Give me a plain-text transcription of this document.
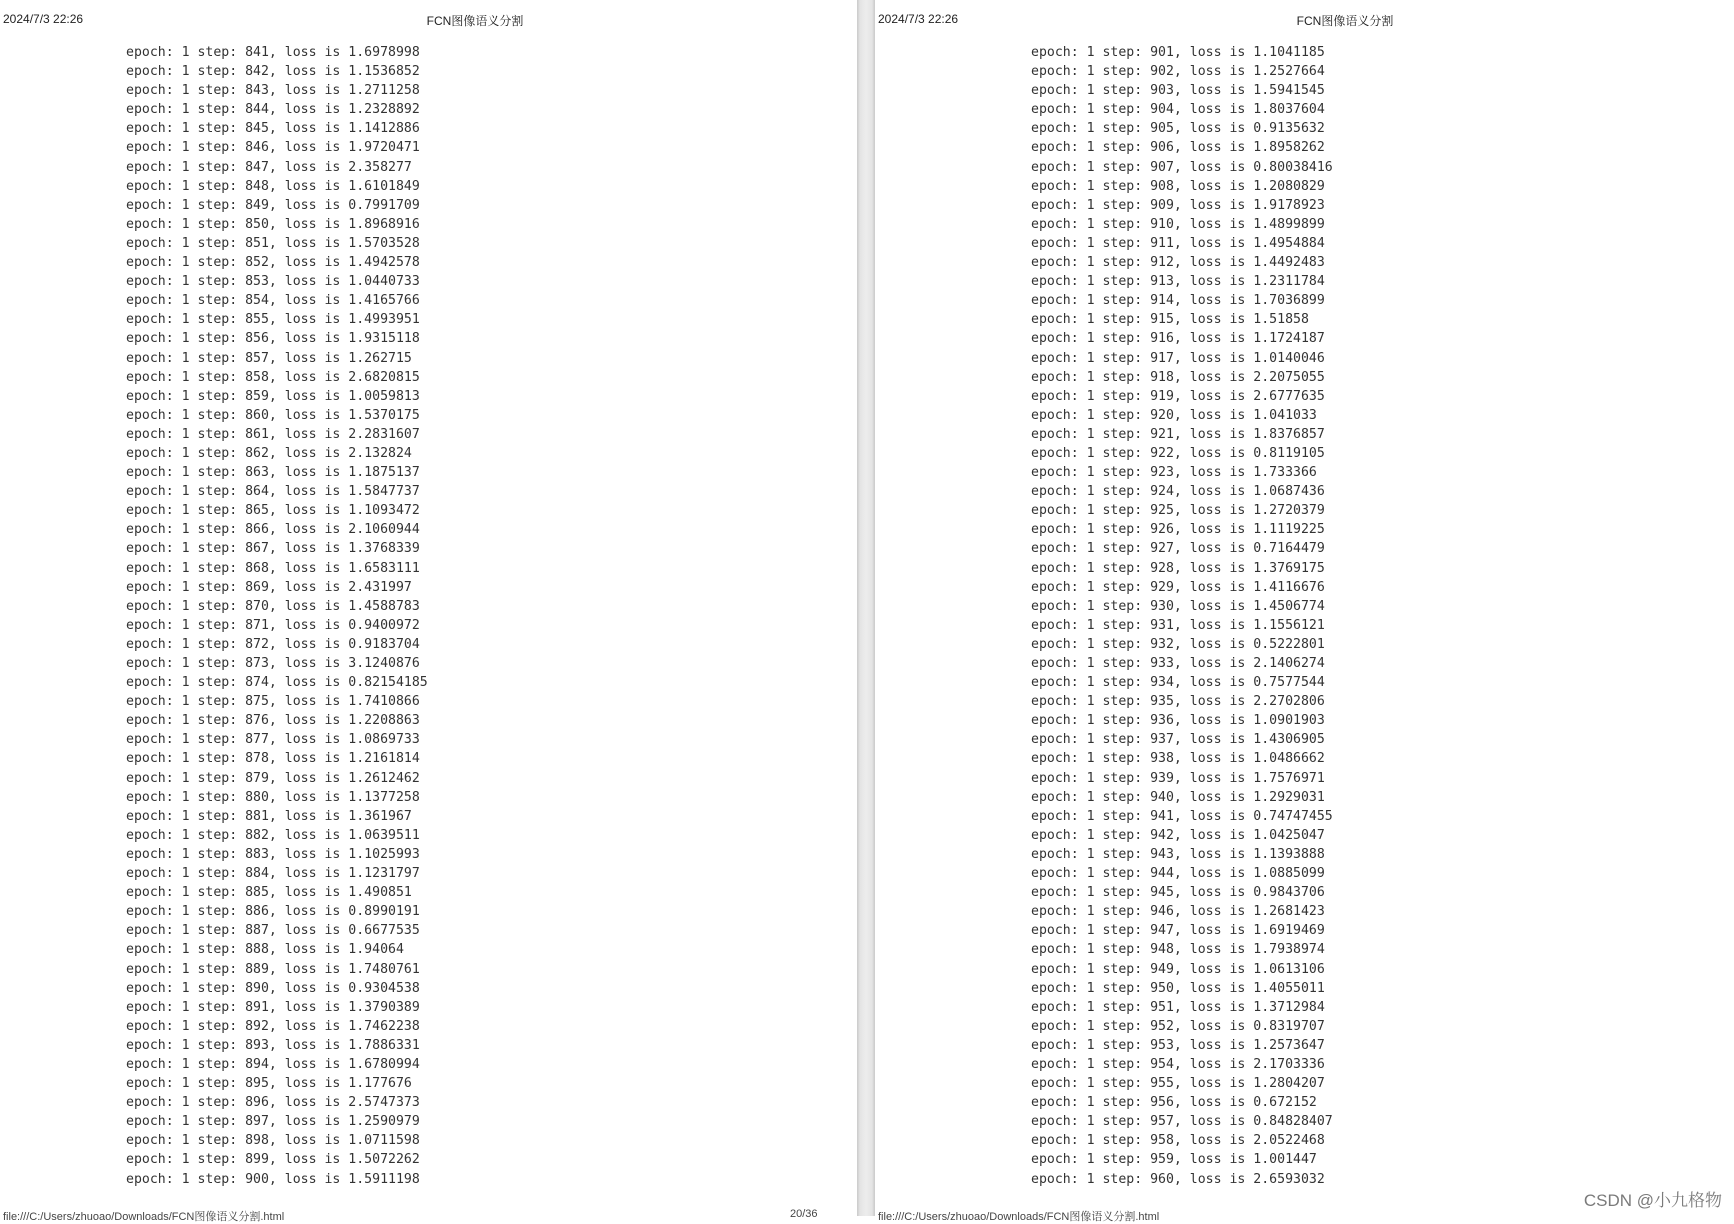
2024/7/3 22:26	FCN图像语义分割
epoch: 1 step: 841, loss is 1.6978998
epoch: 1 step: 842, loss is 1.1536852
epoch: 1 step: 843, loss is 1.2711258
epoch: 1 step: 844, loss is 1.2328892
epoch: 1 step: 845, loss is 1.1412886
epoch: 1 step: 846, loss is 1.9720471
epoch: 1 step: 847, loss is 2.358277
epoch: 1 step: 848, loss is 1.6101849
epoch: 1 step: 849, loss is 0.7991709
epoch: 1 step: 850, loss is 1.8968916
epoch: 1 step: 851, loss is 1.5703528
epoch: 1 step: 852, loss is 1.4942578
epoch: 1 step: 853, loss is 1.0440733
epoch: 1 step: 854, loss is 1.4165766
epoch: 1 step: 855, loss is 1.4993951
epoch: 1 step: 856, loss is 1.9315118
epoch: 1 step: 857, loss is 1.262715
epoch: 1 step: 858, loss is 2.6820815
epoch: 1 step: 859, loss is 1.0059813
epoch: 1 step: 860, loss is 1.5370175
epoch: 1 step: 861, loss is 2.2831607
epoch: 1 step: 862, loss is 2.132824
epoch: 1 step: 863, loss is 1.1875137
epoch: 1 step: 864, loss is 1.5847737
epoch: 1 step: 865, loss is 1.1093472
epoch: 1 step: 866, loss is 2.1060944
epoch: 1 step: 867, loss is 1.3768339
epoch: 1 step: 868, loss is 1.6583111
epoch: 1 step: 869, loss is 2.431997
epoch: 1 step: 870, loss is 1.4588783
epoch: 1 step: 871, loss is 0.9400972
epoch: 1 step: 872, loss is 0.9183704
epoch: 1 step: 873, loss is 3.1240876
epoch: 1 step: 874, loss is 0.82154185
epoch: 1 step: 875, loss is 1.7410866
epoch: 1 step: 876, loss is 1.2208863
epoch: 1 step: 877, loss is 1.0869733
epoch: 1 step: 878, loss is 1.2161814
epoch: 1 step: 879, loss is 1.2612462
epoch: 1 step: 880, loss is 1.1377258
epoch: 1 step: 881, loss is 1.361967
epoch: 1 step: 882, loss is 1.0639511
epoch: 1 step: 883, loss is 1.1025993
epoch: 1 step: 884, loss is 1.1231797
epoch: 1 step: 885, loss is 1.490851
epoch: 1 step: 886, loss is 0.8990191
epoch: 1 step: 887, loss is 0.6677535
epoch: 1 step: 888, loss is 1.94064
epoch: 1 step: 889, loss is 1.7480761
epoch: 1 step: 890, loss is 0.9304538
epoch: 1 step: 891, loss is 1.3790389
epoch: 1 step: 892, loss is 1.7462238
epoch: 1 step: 893, loss is 1.7886331
epoch: 1 step: 894, loss is 1.6780994
epoch: 1 step: 895, loss is 1.177676
epoch: 1 step: 896, loss is 2.5747373
epoch: 1 step: 897, loss is 1.2590979
epoch: 1 step: 898, loss is 1.0711598
epoch: 1 step: 899, loss is 1.5072262
epoch: 1 step: 900, loss is 1.5911198
file:///C:/Users/zhuoao/Downloads/FCN图像语义分割.html	20/36
2024/7/3 22:26	FCN图像语义分割
epoch: 1 step: 901, loss is 1.1041185
epoch: 1 step: 902, loss is 1.2527664
epoch: 1 step: 903, loss is 1.5941545
epoch: 1 step: 904, loss is 1.8037604
epoch: 1 step: 905, loss is 0.9135632
epoch: 1 step: 906, loss is 1.8958262
epoch: 1 step: 907, loss is 0.80038416
epoch: 1 step: 908, loss is 1.2080829
epoch: 1 step: 909, loss is 1.9178923
epoch: 1 step: 910, loss is 1.4899899
epoch: 1 step: 911, loss is 1.4954884
epoch: 1 step: 912, loss is 1.4492483
epoch: 1 step: 913, loss is 1.2311784
epoch: 1 step: 914, loss is 1.7036899
epoch: 1 step: 915, loss is 1.51858
epoch: 1 step: 916, loss is 1.1724187
epoch: 1 step: 917, loss is 1.0140046
epoch: 1 step: 918, loss is 2.2075055
epoch: 1 step: 919, loss is 2.6777635
epoch: 1 step: 920, loss is 1.041033
epoch: 1 step: 921, loss is 1.8376857
epoch: 1 step: 922, loss is 0.8119105
epoch: 1 step: 923, loss is 1.733366
epoch: 1 step: 924, loss is 1.0687436
epoch: 1 step: 925, loss is 1.2720379
epoch: 1 step: 926, loss is 1.1119225
epoch: 1 step: 927, loss is 0.7164479
epoch: 1 step: 928, loss is 1.3769175
epoch: 1 step: 929, loss is 1.4116676
epoch: 1 step: 930, loss is 1.4506774
epoch: 1 step: 931, loss is 1.1556121
epoch: 1 step: 932, loss is 0.5222801
epoch: 1 step: 933, loss is 2.1406274
epoch: 1 step: 934, loss is 0.7577544
epoch: 1 step: 935, loss is 2.2702806
epoch: 1 step: 936, loss is 1.0901903
epoch: 1 step: 937, loss is 1.4306905
epoch: 1 step: 938, loss is 1.0486662
epoch: 1 step: 939, loss is 1.7576971
epoch: 1 step: 940, loss is 1.2929031
epoch: 1 step: 941, loss is 0.74747455
epoch: 1 step: 942, loss is 1.0425047
epoch: 1 step: 943, loss is 1.1393888
epoch: 1 step: 944, loss is 1.0885099
epoch: 1 step: 945, loss is 0.9843706
epoch: 1 step: 946, loss is 1.2681423
epoch: 1 step: 947, loss is 1.6919469
epoch: 1 step: 948, loss is 1.7938974
epoch: 1 step: 949, loss is 1.0613106
epoch: 1 step: 950, loss is 1.4055011
epoch: 1 step: 951, loss is 1.3712984
epoch: 1 step: 952, loss is 0.8319707
epoch: 1 step: 953, loss is 1.2573647
epoch: 1 step: 954, loss is 2.1703336
epoch: 1 step: 955, loss is 1.2804207
epoch: 1 step: 956, loss is 0.672152
epoch: 1 step: 957, loss is 0.84828407
epoch: 1 step: 958, loss is 2.0522468
epoch: 1 step: 959, loss is 1.001447
epoch: 1 step: 960, loss is 2.6593032
file:///C:/Users/zhuoao/Downloads/FCN图像语义分割.html
CSDN @小九格物
